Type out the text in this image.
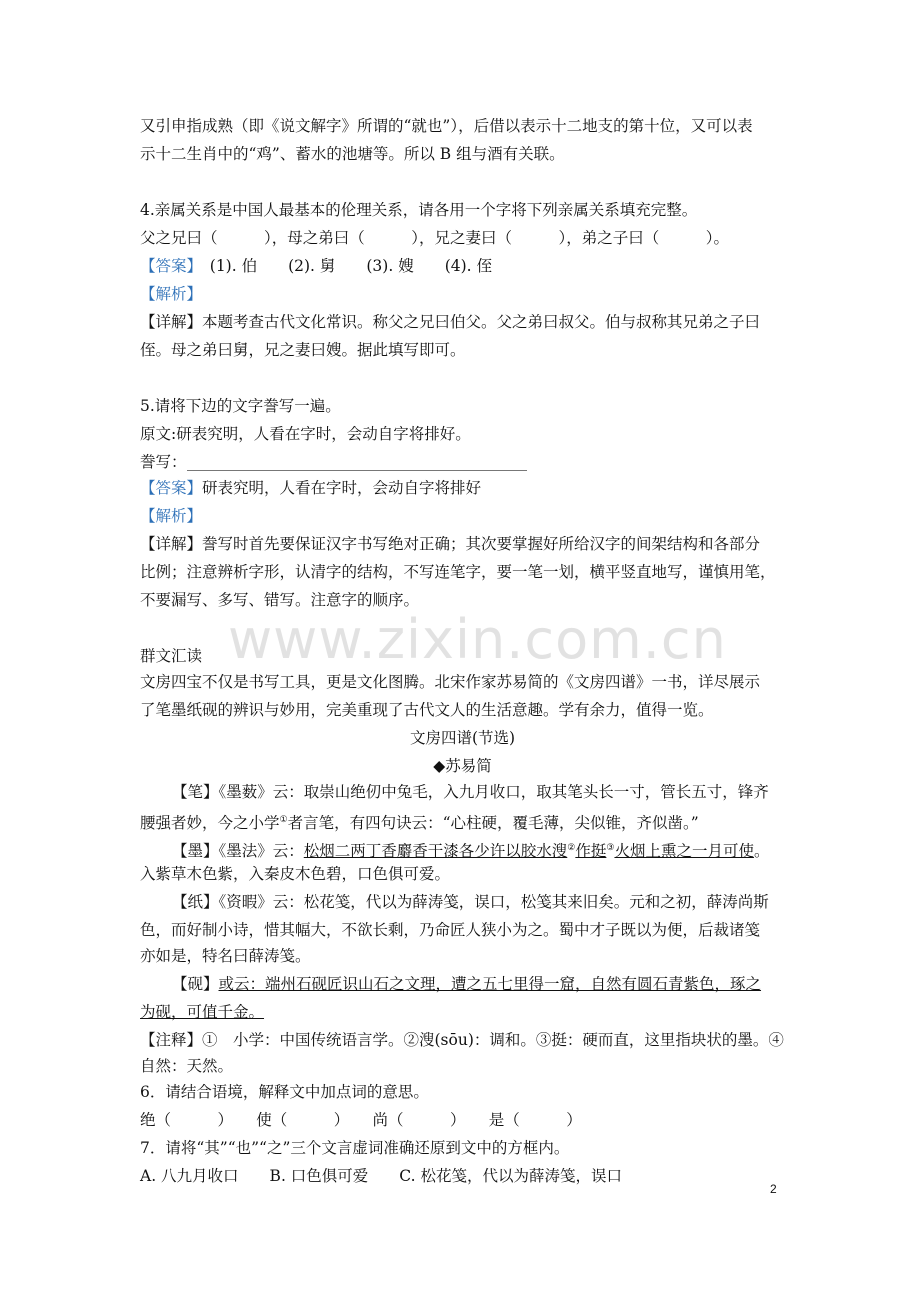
www.zixin.com.cn
又引申指成熟（即《说文解字》所谓的“就也”），后借以表示十二地支的第十位，又可以表
示十二生肖中的“鸡”、蓄水的池塘等。所以 B 组与酒有关联。
4.亲属关系是中国人最基本的伦理关系，请各用一个字将下列亲属关系填充完整。
父之兄曰（　　　），母之弟曰（　　　），兄之妻曰（　　　），弟之子曰（　　　）。
【答案】　(1). 伯　　(2). 舅　　(3). 嫂　　(4). 侄
【解析】
【详解】本题考查古代文化常识。称父之兄曰伯父。父之弟曰叔父。伯与叔称其兄弟之子曰
侄。母之弟曰舅，兄之妻曰嫂。据此填写即可。
5.请将下边的文字誊写一遍。
原文:研表究明，人看在字时，会动自字将排好。
誊写：
【答案】研表究明，人看在字时，会动自字将排好
【解析】
【详解】誊写时首先要保证汉字书写绝对正确；其次要掌握好所给汉字的间架结构和各部分
比例；注意辨析字形，认清字的结构，不写连笔字，要一笔一划，横平竖直地写，谨慎用笔，
不要漏写、多写、错写。注意字的顺序。
群文汇读
文房四宝不仅是书写工具，更是文化图腾。北宋作家苏易简的《文房四谱》一书，详尽展示
了笔墨纸砚的辨识与妙用，完美重现了古代文人的生活意趣。学有余力，值得一览。
文房四谱(节选)
◆苏易简
【笔】《墨薮》云：取崇山绝仞中兔毛，入九月收口，取其笔头长一寸，管长五寸，锋齐
腰强者妙，今之小学①者言笔，有四句诀云：“心柱硬，覆毛薄，尖似锥，齐似凿。”
【墨】《墨法》云：松烟二两丁香麝香干漆各少许以胶水溲②作挺③火烟上熏之一月可使。
入紫草木色紫，入秦皮木色碧，口色俱可爱。
【纸】《资暇》云：松花笺，代以为薛涛笺，误口，松笺其来旧矣。元和之初，薛涛尚斯
色，而好制小诗，惜其幅大，不欲长剩，乃命匠人狭小为之。蜀中才子既以为便，后裁诸笺
亦如是，特名曰薛涛笺。
【砚】或云：端州石砚匠识山石之文理，遭之五七里得一窟，自然有圆石青紫色，琢之
为砚，可值千金。
【注释】①　小学：中国传统语言学。②溲(sōu)：调和。③挺：硬而直，这里指块状的墨。④
自然：天然。
6．请结合语境，解释文中加点词的意思。
绝（　　　）　　使（　　　）　　尚（　　　）　　是（　　　）
7．请将“其”“也”“之”三个文言虚词准确还原到文中的方框内。
A. 八九月收口　　B. 口色俱可爱　　C. 松花笺，代以为薛涛笺，误口
2
